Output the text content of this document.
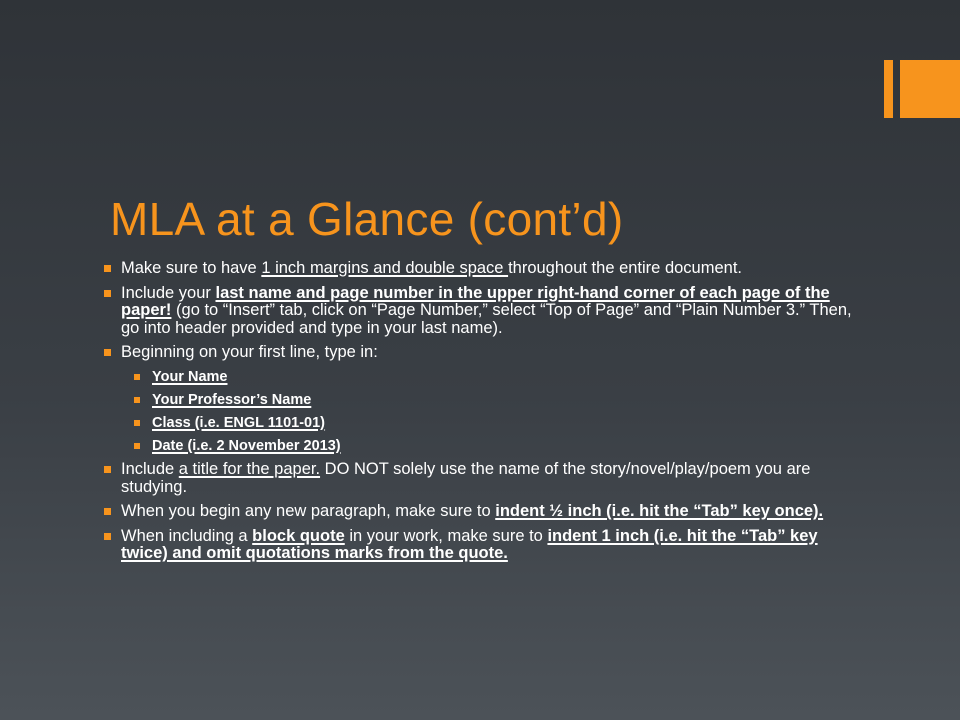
MLA at a Glance (cont’d)
Make sure to have 1 inch margins and double space throughout the entire document.
Include your last name and page number in the upper right-hand corner of each page of the paper! (go to “Insert” tab, click on “Page Number,” select “Top of Page” and “Plain Number 3.” Then, go into header provided and type in your last name).
Beginning on your first line, type in:
Your Name
Your Professor’s Name
Class (i.e. ENGL 1101-01)
Date (i.e. 2 November 2013)
Include a title for the paper. DO NOT solely use the name of the story/novel/play/poem you are studying.
When you begin any new paragraph, make sure to indent ½ inch (i.e. hit the “Tab” key once).
When including a block quote in your work, make sure to indent 1 inch (i.e. hit the “Tab” key twice) and omit quotations marks from the quote.
